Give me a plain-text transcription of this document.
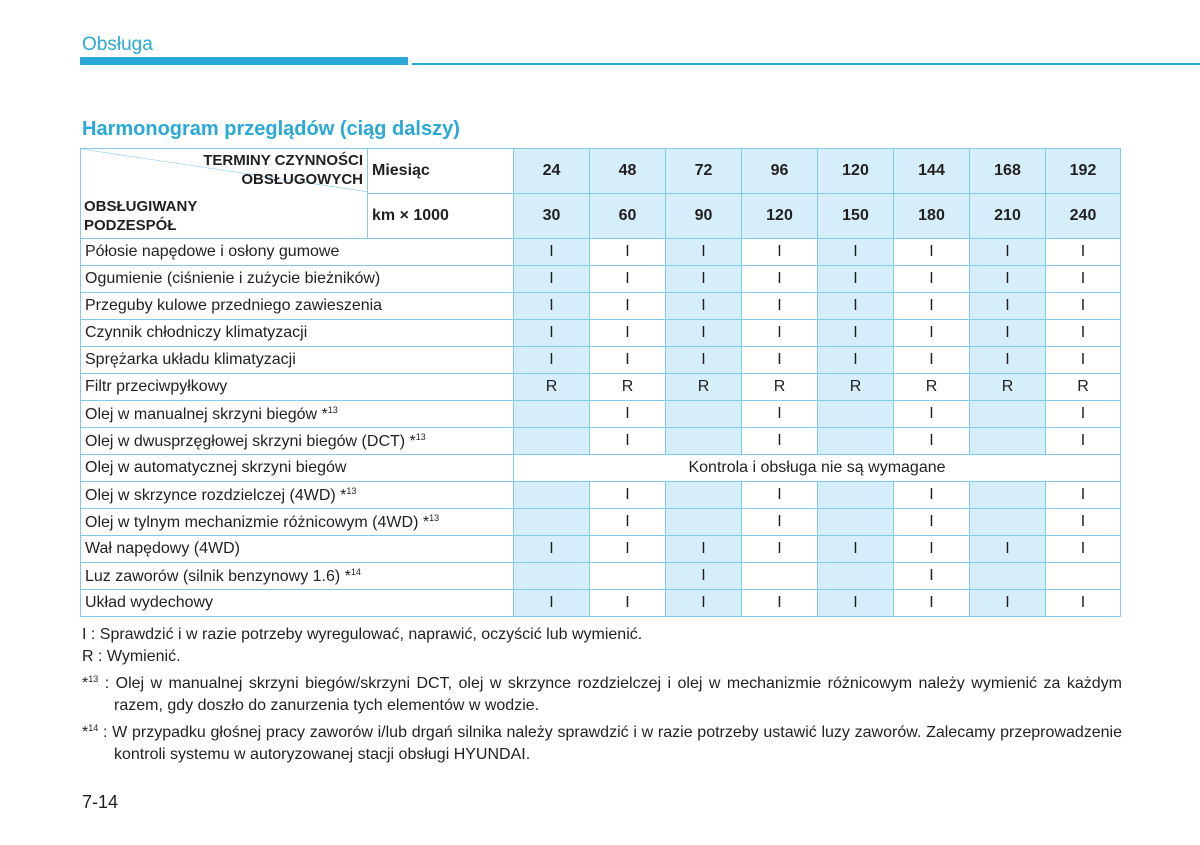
Obsługa
Harmonogram przeglądów (ciąg dalszy)
TERMINY CZYNNOŚCI
OBSŁUGOWYCH
OBSŁUGIWANY
PODZESPÓŁ	Miesiąc	24	48	72	96	120	144	168	192
	km × 1000	30	60	90	120	150	180	210	240
Półosie napędowe i osłony gumowe		I	I	I	I	I	I	I	I
Ogumienie (ciśnienie i zużycie bieżników)		I	I	I	I	I	I	I	I
Przeguby kulowe przedniego zawieszenia		I	I	I	I	I	I	I	I
Czynnik chłodniczy klimatyzacji		I	I	I	I	I	I	I	I
Sprężarka układu klimatyzacji		I	I	I	I	I	I	I	I
Filtr przeciwpyłkowy		R	R	R	R	R	R	R	R
Olej w manualnej skrzyni biegów *$^{13}$			I		I		I		I
Olej w dwusprzęgłowej skrzyni biegów (DCT) *$^{13}$			I		I		I		I
Olej w automatycznej skrzyni biegów		Kontrola i obsługa nie są wymagane							
Olej w skrzynce rozdzielczej (4WD) *$^{13}$			I		I		I		I
Olej w tylnym mechanizmie różnicowym (4WD) *$^{13}$			I		I		I		I
Wał napędowy (4WD)		I	I	I	I	I	I	I	I
Luz zaworów (silnik benzynowy 1.6) *$^{14}$				I			I		
Układ wydechowy		I	I	I	I	I	I	I	I
I : Sprawdzić i w razie potrzeby wyregulować, naprawić, oczyścić lub wymienić.
R : Wymienić.
*$^{13}$ : Olej w manualnej skrzyni biegów/skrzyni DCT, olej w skrzynce rozdzielczej i olej w mechanizmie różnicowym należy wymienić za każdym razem, gdy doszło do zanurzenia tych elementów w wodzie.
*$^{14}$ : W przypadku głośnej pracy zaworów i/lub drgań silnika należy sprawdzić i w razie potrzeby ustawić luzy zaworów. Zalecamy przeprowadzenie kontroli systemu w autoryzowanej stacji obsługi HYUNDAI.
7-14
